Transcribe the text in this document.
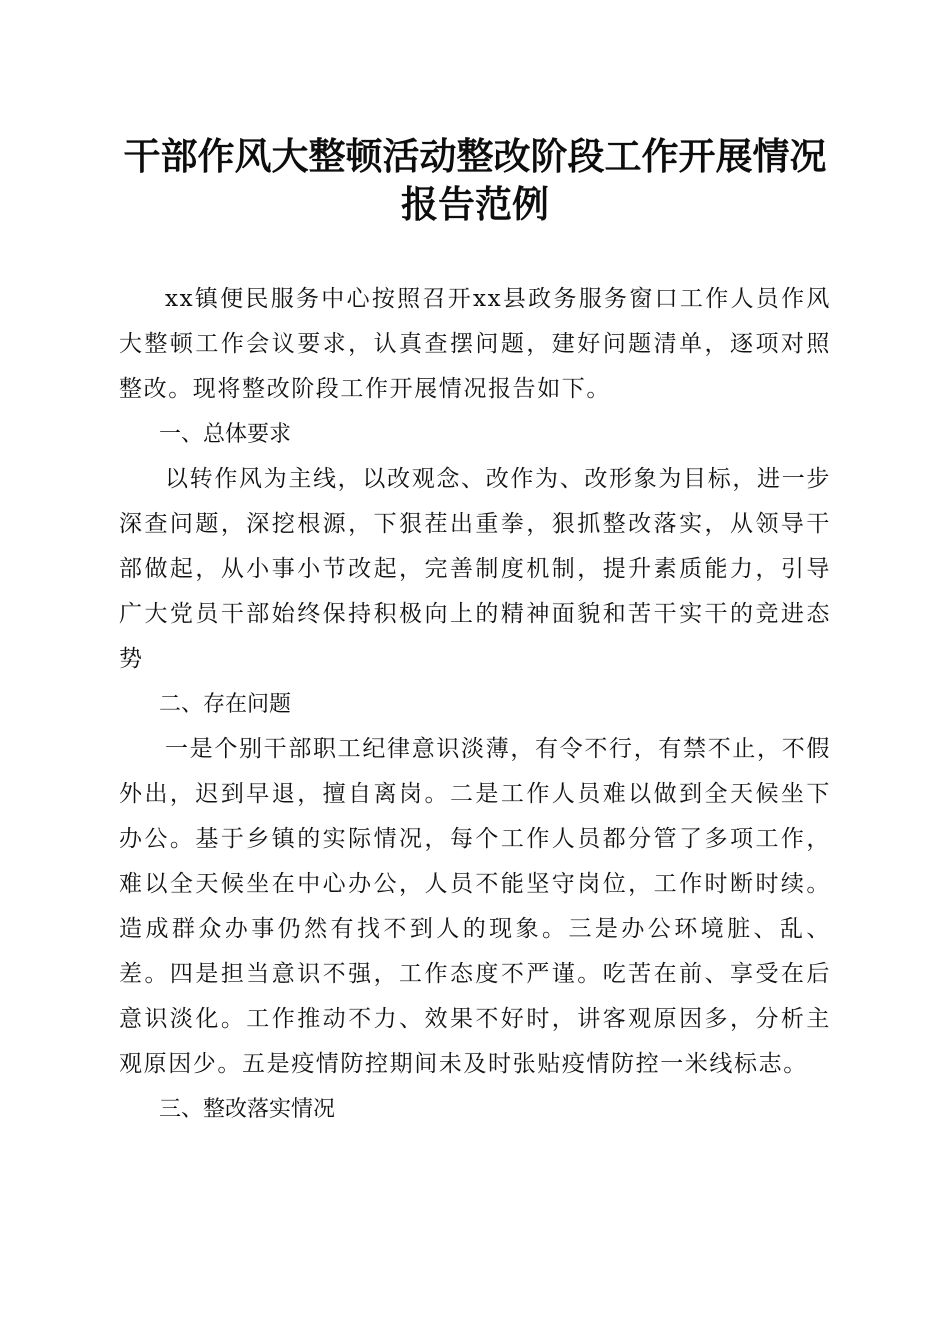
干部作风大整顿活动整改阶段工作开展情况报告范例

xx镇便民服务中心按照召开xx县政务服务窗口工作人员作风大整顿工作会议要求，认真查摆问题，建好问题清单，逐项对照整改。现将整改阶段工作开展情况报告如下。

一、总体要求

以转作风为主线，以改观念、改作为、改形象为目标，进一步深查问题，深挖根源，下狠茬出重拳，狠抓整改落实，从领导干部做起，从小事小节改起，完善制度机制，提升素质能力，引导广大党员干部始终保持积极向上的精神面貌和苦干实干的竞进态势

二、存在问题

一是个别干部职工纪律意识淡薄，有令不行，有禁不止，不假外出，迟到早退，擅自离岗。二是工作人员难以做到全天候坐下办公。基于乡镇的实际情况，每个工作人员都分管了多项工作，难以全天候坐在中心办公，人员不能坚守岗位，工作时断时续。造成群众办事仍然有找不到人的现象。三是办公环境脏、乱、差。四是担当意识不强，工作态度不严谨。吃苦在前、享受在后意识淡化。工作推动不力、效果不好时，讲客观原因多，分析主观原因少。五是疫情防控期间未及时张贴疫情防控一米线标志。

三、整改落实情况
